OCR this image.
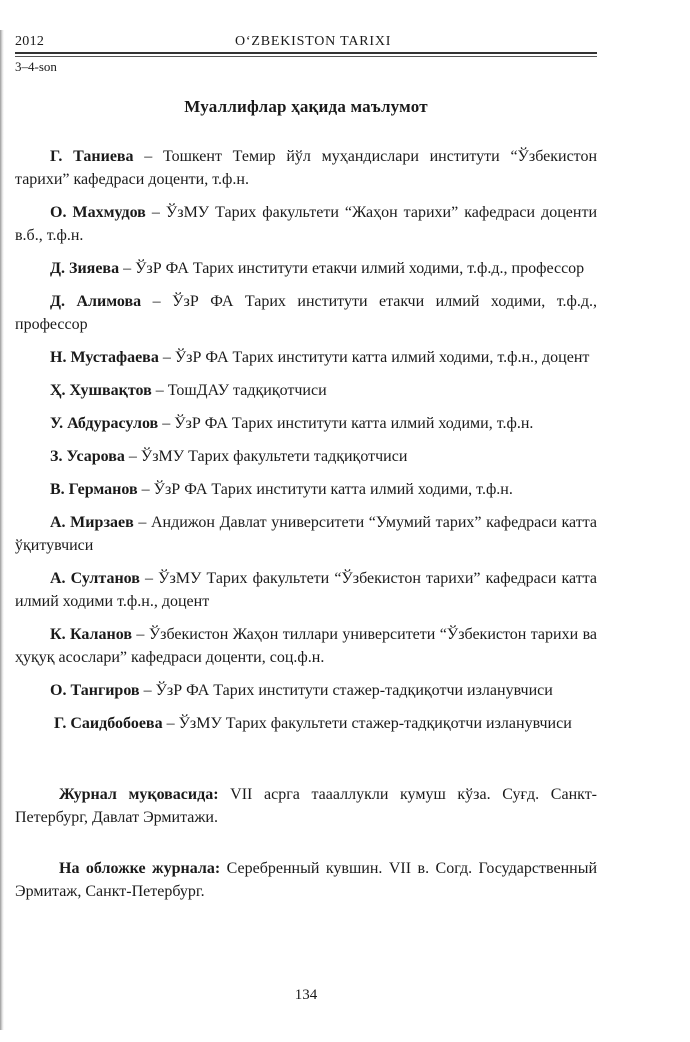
2012	O‘ZBEKISTON TARIXI
3–4-son
Муаллифлар ҳақида маълумот

Г. Таниева – Тошкент Темир йўл муҳандислари институти “Ўзбекистон тарихи” кафедраси доценти, т.ф.н.

О. Махмудов – ЎзМУ Тарих факультети “Жаҳон тарихи” кафедраси доценти в.б., т.ф.н.

Д. Зияева – ЎзР ФА Тарих институти етакчи илмий ходими, т.ф.д., профессор

Д. Алимова – ЎзР ФА Тарих институти етакчи илмий ходими, т.ф.д., профессор

Н. Мустафаева – ЎзР ФА Тарих институти катта илмий ходими, т.ф.н., доцент

Ҳ. Хушвақтов – ТошДАУ тадқиқотчиси

У. Абдурасулов – ЎзР ФА Тарих институти катта илмий ходими, т.ф.н.

З. Усарова – ЎзМУ Тарих факультети тадқиқотчиси

В. Германов – ЎзР ФА Тарих институти катта илмий ходими, т.ф.н.

А. Мирзаев – Андижон Давлат университети “Умумий тарих” кафедраси катта ўқитувчиси

А. Султанов – ЎзМУ Тарих факультети “Ўзбекистон тарихи” кафедраси катта илмий ходими т.ф.н., доцент

К. Каланов – Ўзбекистон Жаҳон тиллари университети “Ўзбекистон тарихи ва ҳуқуқ асослари” кафедраси доценти, соц.ф.н.

О. Тангиров – ЎзР ФА Тарих институти стажер-тадқиқотчи изланувчиси

Г. Саидбобоева – ЎзМУ Тарих факультети стажер-тадқиқотчи изланувчиси

Журнал муқовасида: VII асрга таааллукли кумуш кўза. Суғд. Санкт-Петербург, Давлат Эрмитажи.

На обложке журнала: Серебренный кувшин. VII в. Согд. Государственный Эрмитаж, Санкт-Петербург.

134
